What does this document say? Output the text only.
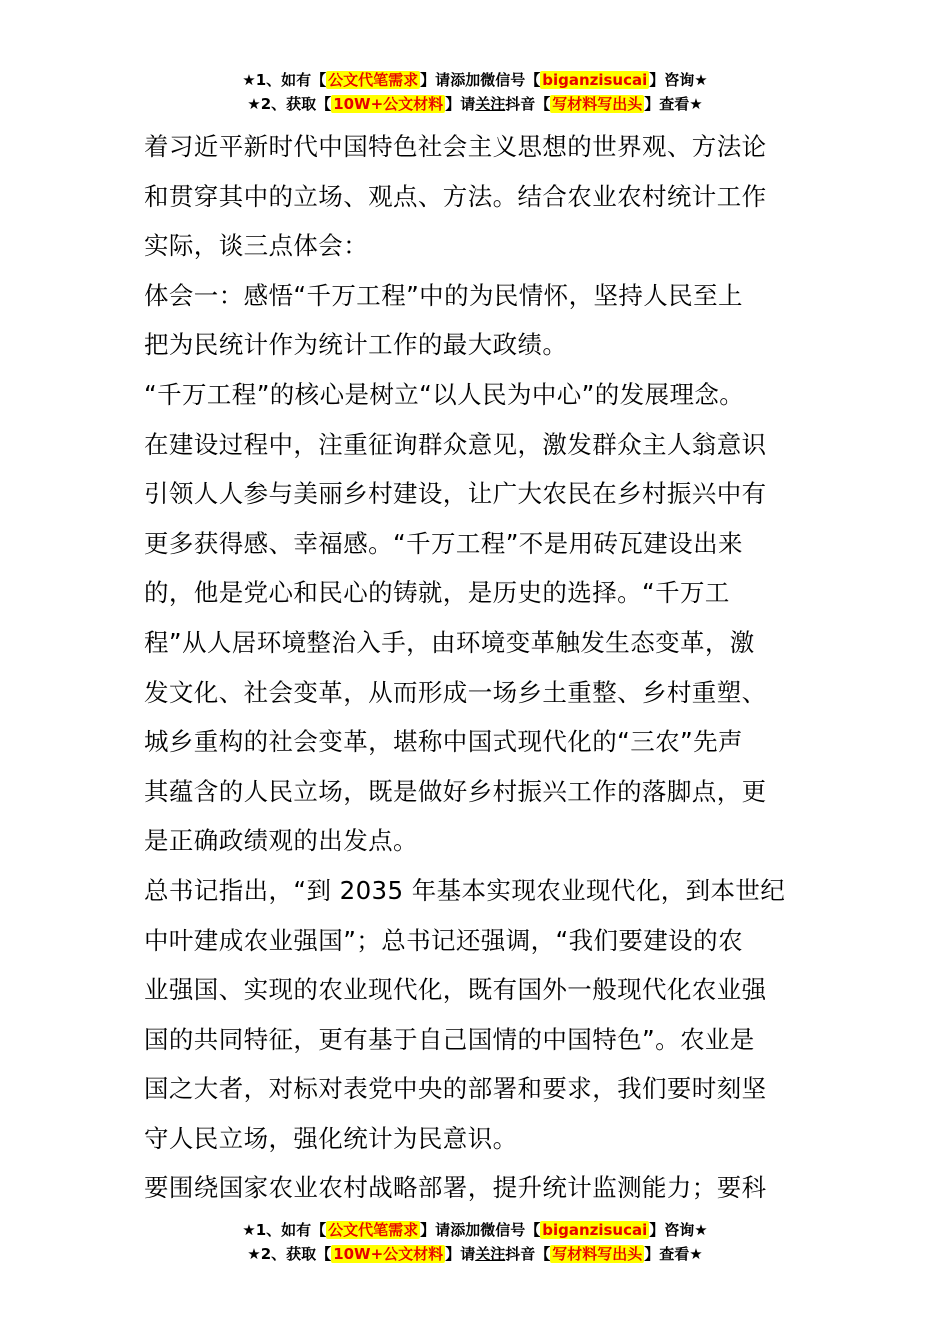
★1、如有【 公文代笔需求 】请添加微信号【 biganzisucai 】咨询★
★2、获取【 10W+公文材料 】请关注抖音【 写材料写出头 】查看★
着习近平新时代中国特色社会主义思想的世界观、方法论
和贯穿其中的立场、观点、方法。结合农业农村统计工作
实际，谈三点体会：
体会一：感悟“千万工程”中的为民情怀，坚持人民至上
把为民统计作为统计工作的最大政绩。
“千万工程”的核心是树立“以人民为中心”的发展理念。
在建设过程中，注重征询群众意见，激发群众主人翁意识
引领人人参与美丽乡村建设，让广大农民在乡村振兴中有
更多获得感、幸福感。“千万工程”不是用砖瓦建设出来
的，他是党心和民心的铸就，是历史的选择。“千万工
程”从人居环境整治入手，由环境变革触发生态变革，激
发文化、社会变革，从而形成一场乡土重整、乡村重塑、
城乡重构的社会变革，堪称中国式现代化的“三农”先声
其蕴含的人民立场，既是做好乡村振兴工作的落脚点，更
是正确政绩观的出发点。
总书记指出，“到 2035 年基本实现农业现代化，到本世纪
中叶建成农业强国”；总书记还强调，“我们要建设的农
业强国、实现的农业现代化，既有国外一般现代化农业强
国的共同特征，更有基于自己国情的中国特色”。农业是
国之大者，对标对表党中央的部署和要求，我们要时刻坚
守人民立场，强化统计为民意识。
要围绕国家农业农村战略部署，提升统计监测能力；要科
★1、如有【 公文代笔需求 】请添加微信号【 biganzisucai 】咨询★
★2、获取【 10W+公文材料 】请关注抖音【 写材料写出头 】查看★
